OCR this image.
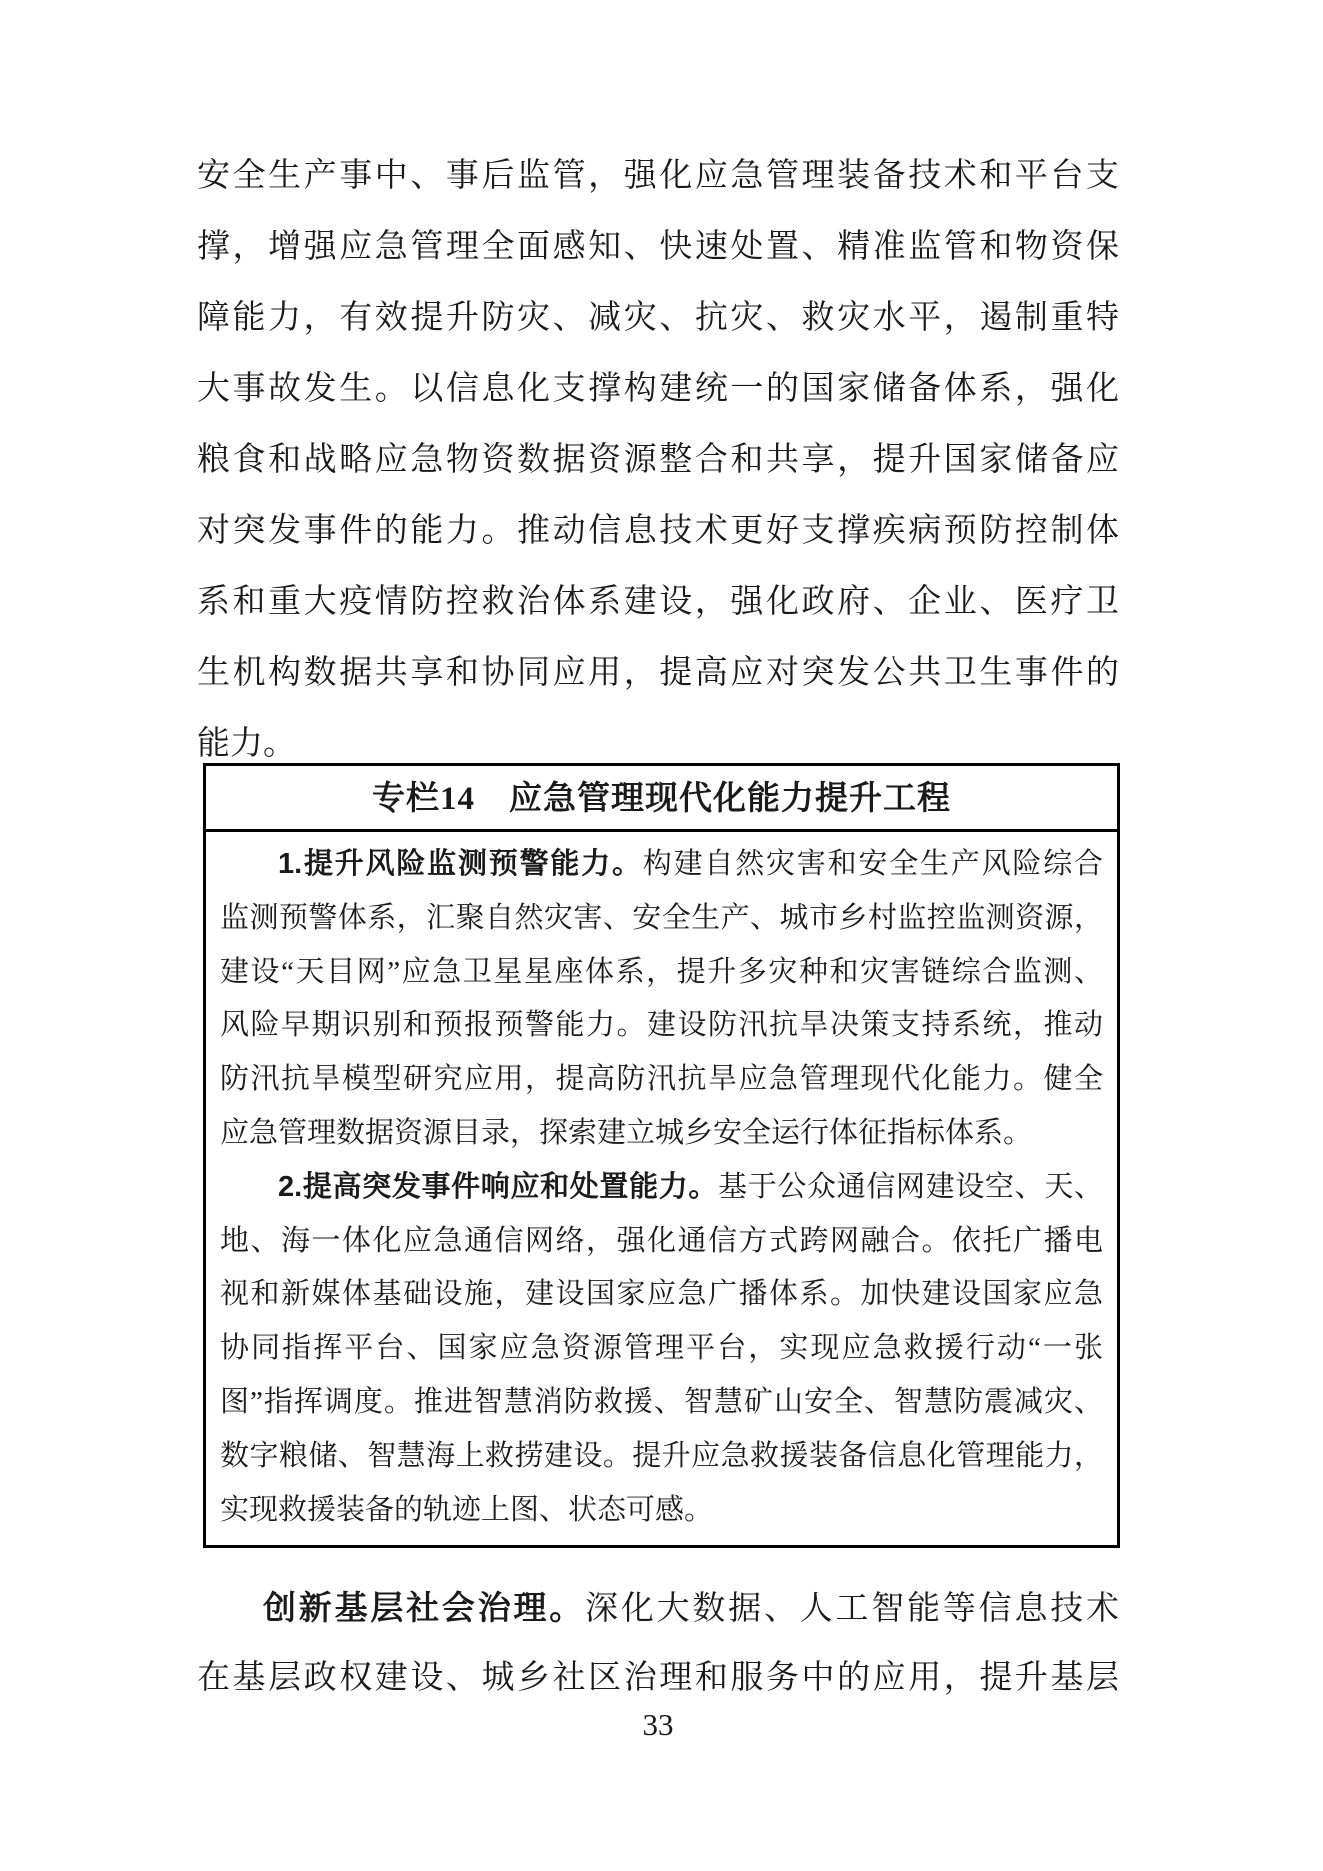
安全生产事中、事后监管，强化应急管理装备技术和平台支
撑，增强应急管理全面感知、快速处置、精准监管和物资保
障能力，有效提升防灾、减灾、抗灾、救灾水平，遏制重特
大事故发生。以信息化支撑构建统一的国家储备体系，强化
粮食和战略应急物资数据资源整合和共享，提升国家储备应
对突发事件的能力。推动信息技术更好支撑疾病预防控制体
系和重大疫情防控救治体系建设，强化政府、企业、医疗卫
生机构数据共享和协同应用，提高应对突发公共卫生事件的
能力。
专栏14　应急管理现代化能力提升工程
1.提升风险监测预警能力。构建自然灾害和安全生产风险综合
监测预警体系，汇聚自然灾害、安全生产、城市乡村监控监测资源，
建设“天目网”应急卫星星座体系，提升多灾种和灾害链综合监测、
风险早期识别和预报预警能力。建设防汛抗旱决策支持系统，推动
防汛抗旱模型研究应用，提高防汛抗旱应急管理现代化能力。健全
应急管理数据资源目录，探索建立城乡安全运行体征指标体系。
2.提高突发事件响应和处置能力。基于公众通信网建设空、天、
地、海一体化应急通信网络，强化通信方式跨网融合。依托广播电
视和新媒体基础设施，建设国家应急广播体系。加快建设国家应急
协同指挥平台、国家应急资源管理平台，实现应急救援行动“一张
图”指挥调度。推进智慧消防救援、智慧矿山安全、智慧防震减灾、
数字粮储、智慧海上救捞建设。提升应急救援装备信息化管理能力，
实现救援装备的轨迹上图、状态可感。
创新基层社会治理。深化大数据、人工智能等信息技术
在基层政权建设、城乡社区治理和服务中的应用，提升基层
33
